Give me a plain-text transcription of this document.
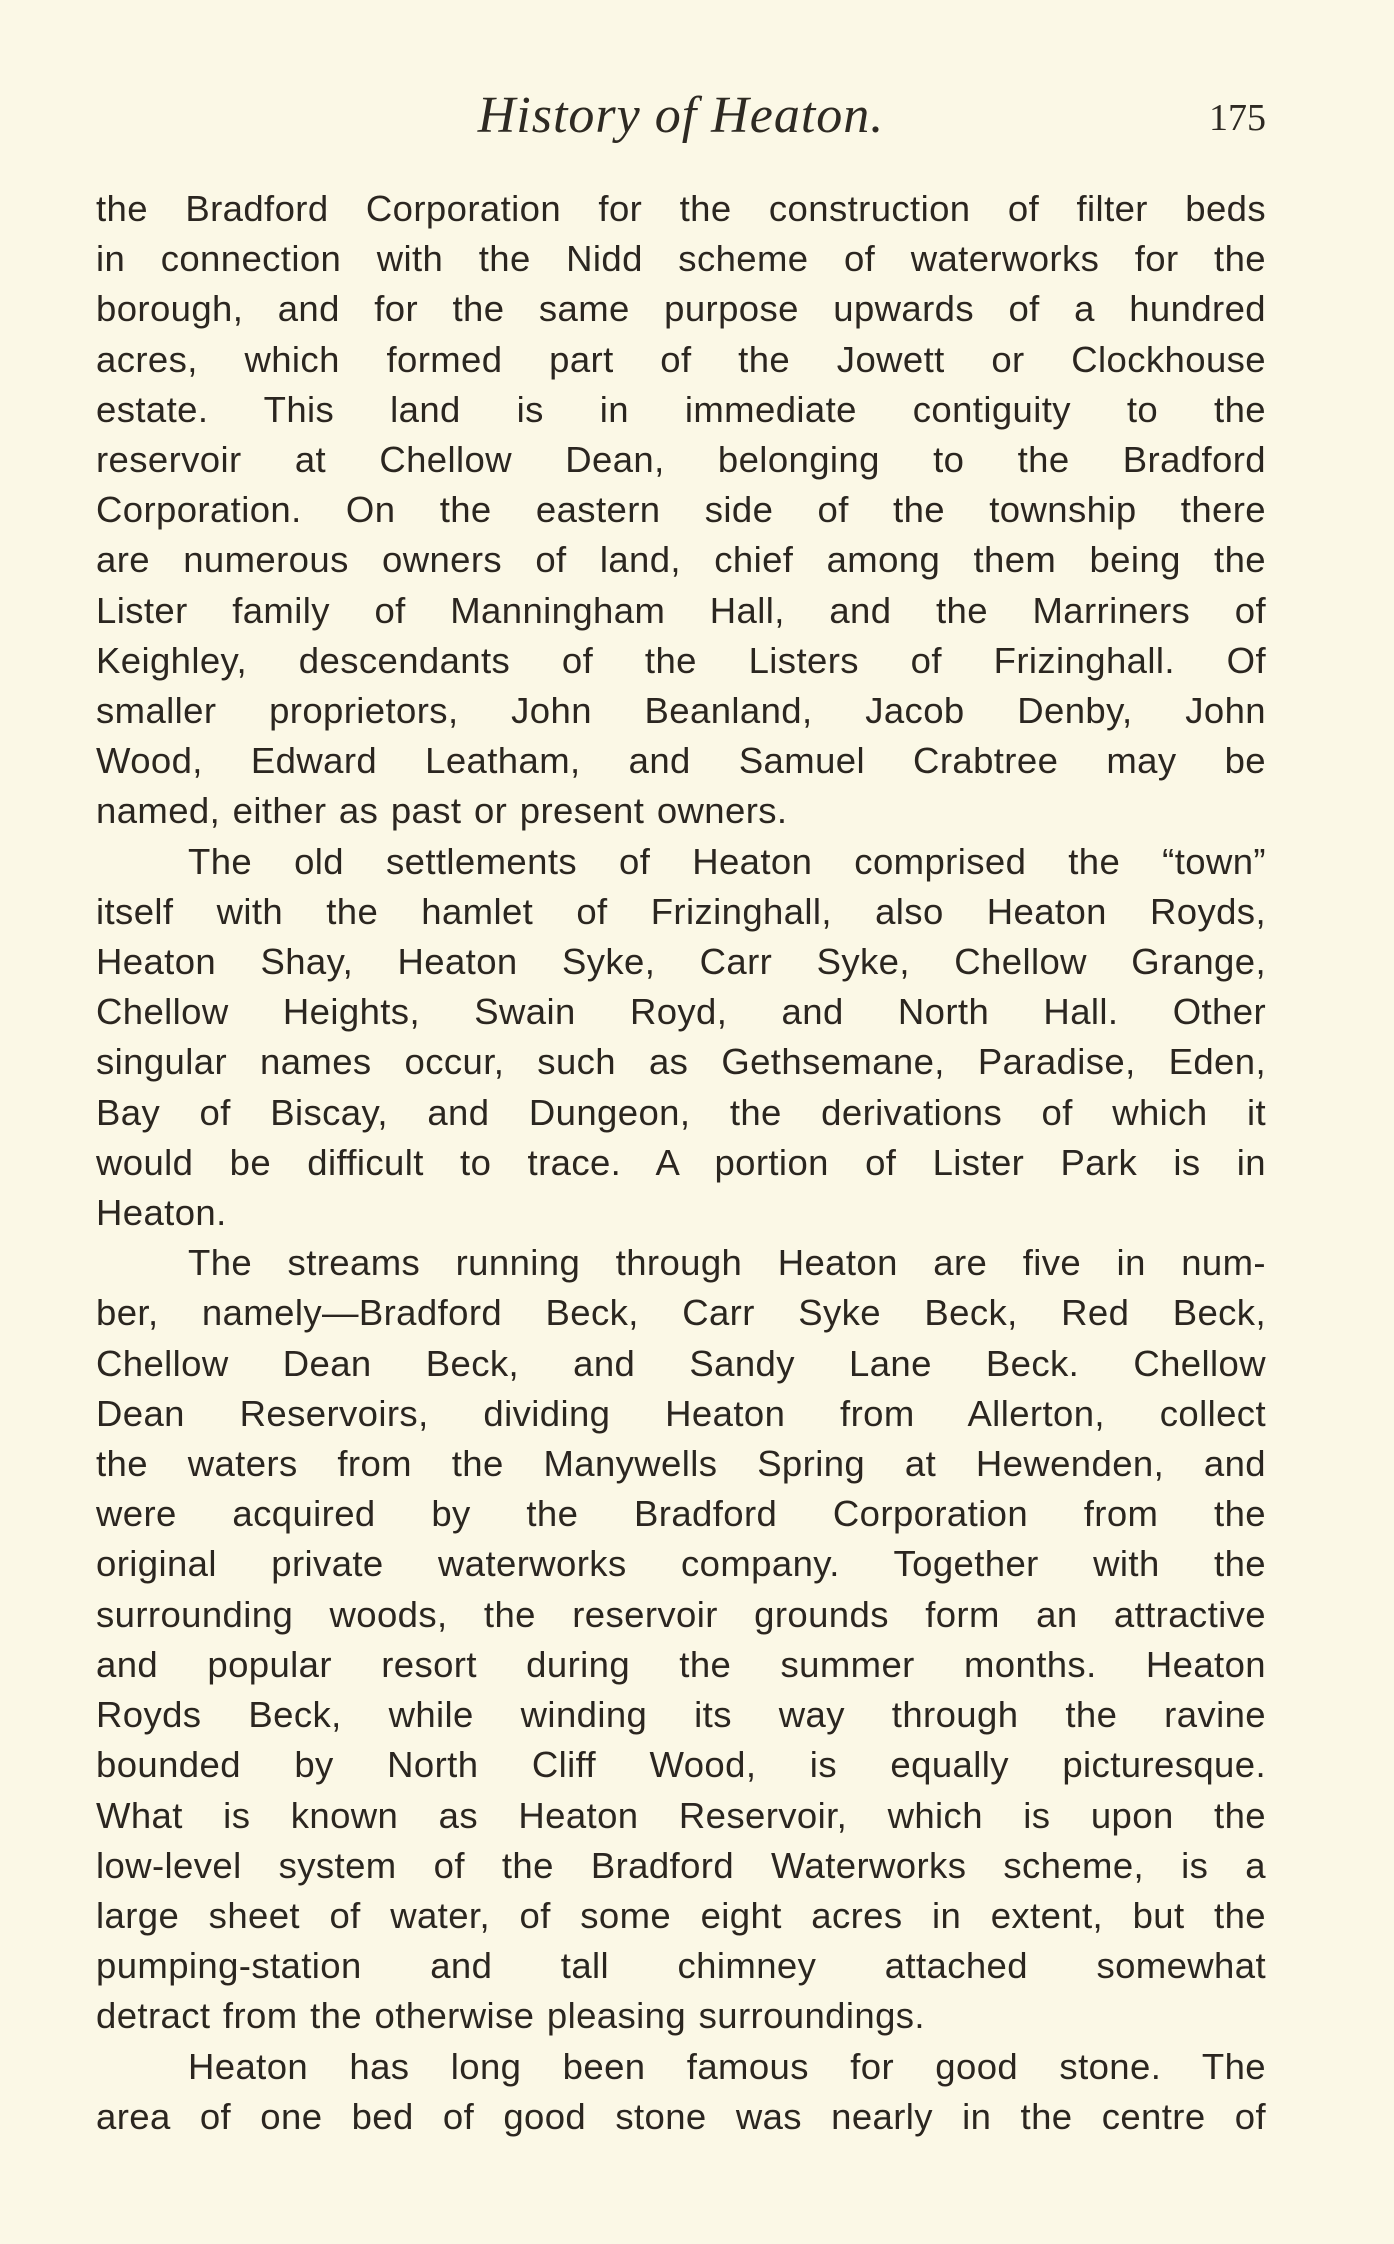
History of Heaton.	175
the Bradford Corporation for the construction of filter beds
in connection with the Nidd scheme of waterworks for the
borough, and for the same purpose upwards of a hundred
acres, which formed part of the Jowett or Clockhouse
estate. This land is in immediate contiguity to the
reservoir at Chellow Dean, belonging to the Bradford
Corporation. On the eastern side of the township there
are numerous owners of land, chief among them being the
Lister family of Manningham Hall, and the Marriners of
Keighley, descendants of the Listers of Frizinghall. Of
smaller proprietors, John Beanland, Jacob Denby, John
Wood, Edward Leatham, and Samuel Crabtree may be
named, either as past or present owners.
The old settlements of Heaton comprised the “town”
itself with the hamlet of Frizinghall, also Heaton Royds,
Heaton Shay, Heaton Syke, Carr Syke, Chellow Grange,
Chellow Heights, Swain Royd, and North Hall. Other
singular names occur, such as Gethsemane, Paradise, Eden,
Bay of Biscay, and Dungeon, the derivations of which it
would be difficult to trace. A portion of Lister Park is in
Heaton.
The streams running through Heaton are five in num-
ber, namely—Bradford Beck, Carr Syke Beck, Red Beck,
Chellow Dean Beck, and Sandy Lane Beck. Chellow
Dean Reservoirs, dividing Heaton from Allerton, collect
the waters from the Manywells Spring at Hewenden, and
were acquired by the Bradford Corporation from the
original private waterworks company. Together with the
surrounding woods, the reservoir grounds form an attractive
and popular resort during the summer months. Heaton
Royds Beck, while winding its way through the ravine
bounded by North Cliff Wood, is equally picturesque.
What is known as Heaton Reservoir, which is upon the
low-level system of the Bradford Waterworks scheme, is a
large sheet of water, of some eight acres in extent, but the
pumping-station and tall chimney attached somewhat
detract from the otherwise pleasing surroundings.
Heaton has long been famous for good stone. The
area of one bed of good stone was nearly in the centre of
